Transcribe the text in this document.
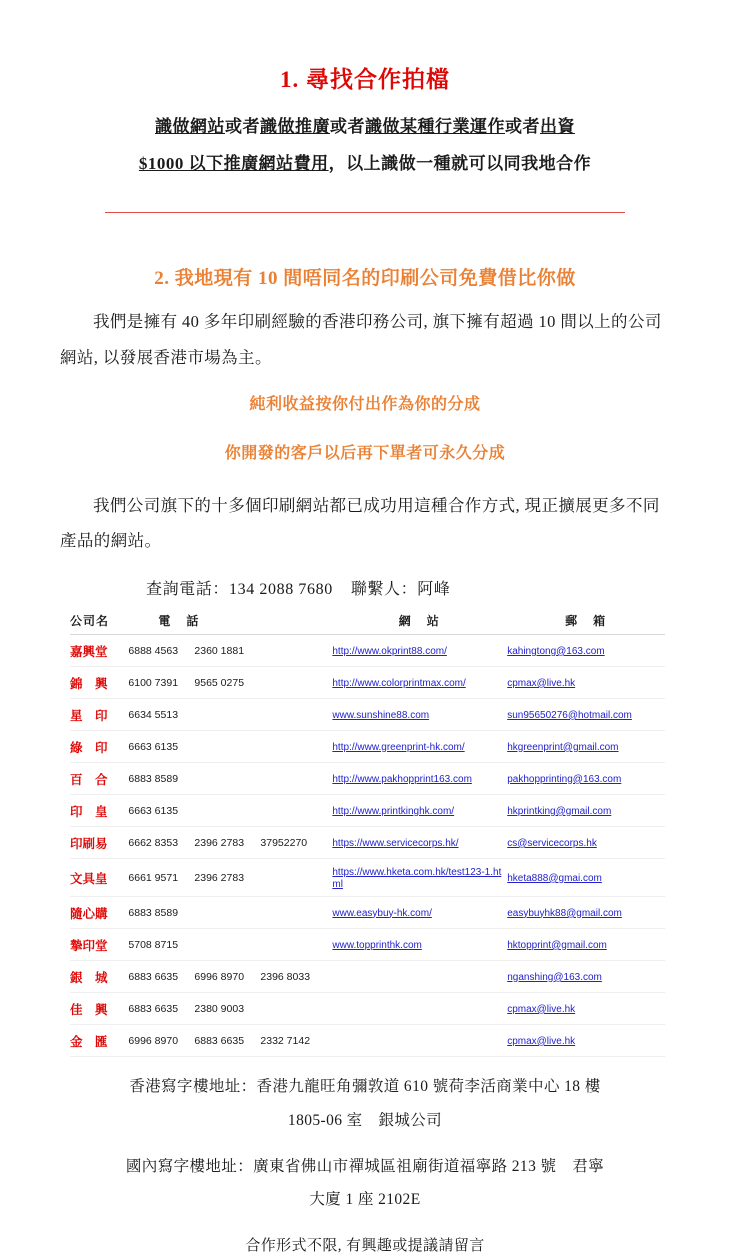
1. 尋找合作拍檔

識做網站或者識做推廣或者識做某種行業運作或者出資
$1000 以下推廣網站費用，以上識做一種就可以同我地合作

2. 我地現有 10 間唔同名的印刷公司免費借比你做

我們是擁有 40 多年印刷經驗的香港印務公司, 旗下擁有超過 10 間以上的公司網站, 以發展香港市場為主。

純利收益按你付出作為你的分成

你開發的客戶以后再下單者可永久分成

我們公司旗下的十多個印刷網站都已成功用這種合作方式, 現正擴展更多不同產品的網站。

查詢電話：134 2088 7680 聯繫人：阿峰

公司名	電　話	網　站	郵　箱
嘉興堂	6888 4563 2360 1881	http://www.okprint88.com/	kahingtong@163.com
錦　興	6100 7391 9565 0275	http://www.colorprintmax.com/	cpmax@live.hk
星　印	6634 5513	www.sunshine88.com	sun95650276@hotmail.com
綠　印	6663 6135	http://www.greenprint-hk.com/	hkgreenprint@gmail.com
百　合	6883 8589	http://www.pakhopprint163.com	pakhopprinting@163.com
印　皇	6663 6135	http://www.printkinghk.com/	hkprintking@gmail.com
印刷易	6662 8353 2396 2783 37952270	https://www.servicecorps.hk/	cs@servicecorps.hk
文具皇	6661 9571 2396 2783	https://www.hketa.com.hk/test123-1.html	hketa888@gmai.com
隨心購	6883 8589	www.easybuy-hk.com/	easybuyhk88@gmail.com
摯印堂	5708 8715	www.topprinthk.com	hktopprint@gmail.com
銀　城	6883 6635 6996 8970 2396 8033		nganshing@163.com
佳　興	6883 6635 2380 9003		cpmax@live.hk
金　匯	6996 8970 6883 6635 2332 7142		cpmax@live.hk

香港寫字樓地址：香港九龍旺角彌敦道 610 號荷李活商業中心 18 樓

1805-06 室　銀城公司

國內寫字樓地址：廣東省佛山市禪城區祖廟街道福寧路 213 號　君寧

大廈 1 座 2102E

合作形式不限, 有興趣或提議請留言
